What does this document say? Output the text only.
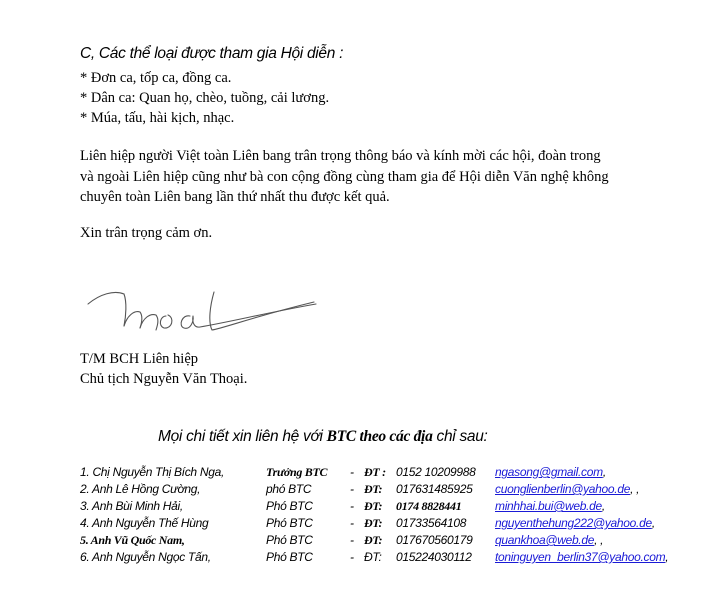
C, Các thể loại được tham gia Hội diễn :
* Đơn ca, tốp ca, đồng ca.
* Dân ca: Quan họ, chèo, tuồng, cải lương.
* Múa, tấu, hài kịch, nhạc.
Liên hiệp người Việt toàn Liên bang trân trọng thông báo và kính mời các hội, đoàn trong
và ngoài Liên hiệp cũng như bà con cộng đồng cùng tham gia để Hội diễn Văn nghệ không
chuyên toàn Liên bang lần thứ nhất thu được kết quả.
Xin trân trọng cảm ơn.
T/M BCH Liên hiệp
Chủ tịch Nguyễn Văn Thoại.
Mọi chi tiết xin liên hệ với BTC theo các địa chỉ sau:
1. Chị Nguyễn Thị Bích Nga,	Trưởng BTC - ĐT : 0152 10209988 ngasong@gmail.com,
2. Anh Lê Hồng Cường,	phó BTC	- ĐT: 017631485925 cuonglienberlin@yahoo.de, ,
3. Anh Bùi Minh Hải,	Phó BTC	- ĐT: 0174 8828441	minhhai.bui@web.de,
4. Anh Nguyễn Thế Hùng	Phó BTC	- ĐT: 01733564108 nguyenthehung222@yahoo.de,
5. Anh Vũ Quốc Nam,	Phó BTC	- ĐT: 017670560179 quankhoa@web.de, ,
6. Anh Nguyễn Ngọc Tấn,	Phó BTC	- ĐT: 015224030112 toninguyen_berlin37@yahoo.com,
